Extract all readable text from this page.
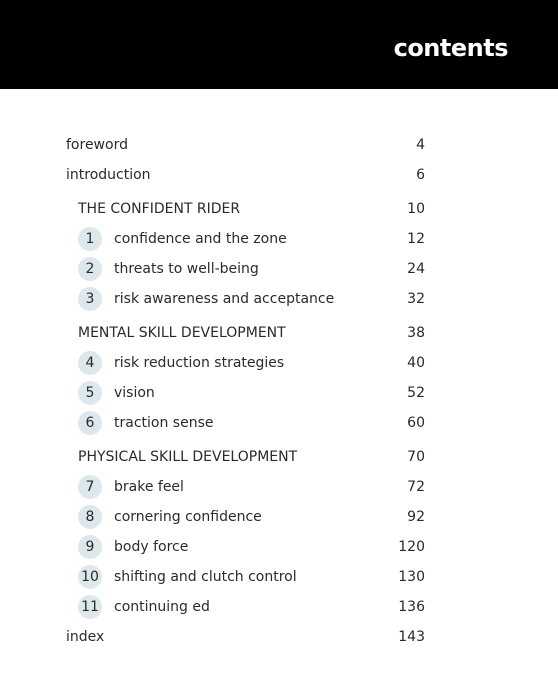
contents
foreword	4
introduction	6
THE CONFIDENT RIDER	10
1	confidence and the zone	12
2	threats to well-being	24
3	risk awareness and acceptance	32
MENTAL SKILL DEVELOPMENT	38
4	risk reduction strategies	40
5	vision	52
6	traction sense	60
PHYSICAL SKILL DEVELOPMENT	70
7	brake feel	72
8	cornering confidence	92
9	body force	120
10 shifting and clutch control	130
11 continuing ed	136
index	143
